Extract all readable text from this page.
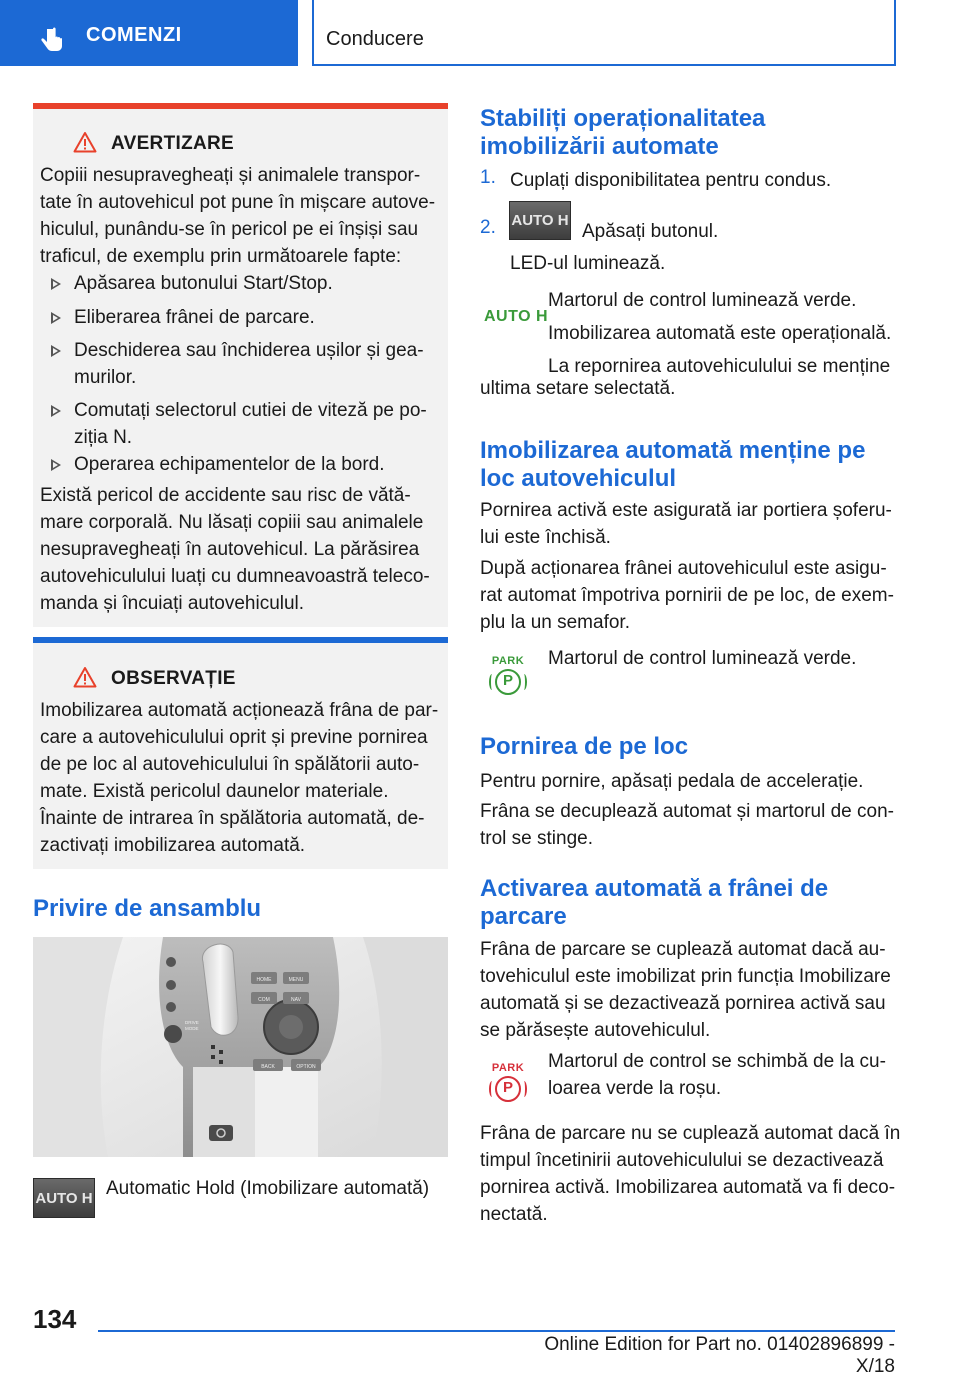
COMENZI	Conducere
AVERTIZARE
Copiii nesupravegheați și animalele transpor-
tate în autovehicul pot pune în mișcare autove-
hiculul, punându-se în pericol pe ei înșiși sau
traficul, de exemplu prin următoarele fapte:
Apăsarea butonului Start/Stop.
Eliberarea frânei de parcare.
Deschiderea sau închiderea ușilor și gea-
murilor.
Comutați selectorul cutiei de viteză pe po-
ziția N.
Operarea echipamentelor de la bord.
Există pericol de accidente sau risc de vătă-
mare corporală. Nu lăsați copiii sau animalele
nesupravegheați în autovehicul. La părăsirea
autovehiculului luați cu dumneavoastră teleco-
manda și încuiați autovehiculul.
OBSERVAȚIE
Imobilizarea automată acționează frâna de par-
care a autovehiculului oprit și previne pornirea
de pe loc al autovehiculului în spălătorii auto-
mate. Există pericolul daunelor materiale.
Înainte de intrarea în spălătoria automată, de-
zactivați imobilizarea automată.
Privire de ansamblu
HOME	MENU
COM	NAV
BACK	OPTION
DRIVE
MODE
AUTO H Automatic Hold (Imobilizare automată)
Stabiliți operaționalitatea
imobilizării automate
1. Cuplați disponibilitatea pentru condus.
2. AUTO H
Apăsați butonul.
LED-ul luminează.
AUTO H
Martorul de control luminează verde.
Imobilizarea automată este operațională.
La repornirea autovehiculului se menține
ultima setare selectată.
Imobilizarea automată menține pe
loc autovehiculul
Pornirea activă este asigurată iar portiera șoferu-
lui este închisă.
După acționarea frânei autovehiculul este asigu-
rat automat împotriva pornirii de pe loc, de exem-
plu la un semafor.
PARK
P
Martorul de control luminează verde.
Pornirea de pe loc
Pentru pornire, apăsați pedala de accelerație.
Frâna se decuplează automat și martorul de con-
trol se stinge.
Activarea automată a frânei de
parcare
Frâna de parcare se cuplează automat dacă au-
tovehiculul este imobilizat prin funcția Imobilizare
automată și se dezactivează pornirea activă sau
se părăsește autovehiculul.
PARK
P
Martorul de control se schimbă de la cu-
loarea verde la roșu.
Frâna de parcare nu se cuplează automat dacă în
timpul încetinirii autovehiculului se dezactivează
pornirea activă. Imobilizarea automată va fi deco-
nectată.
134
Online Edition for Part no. 01402896899 - X/18
